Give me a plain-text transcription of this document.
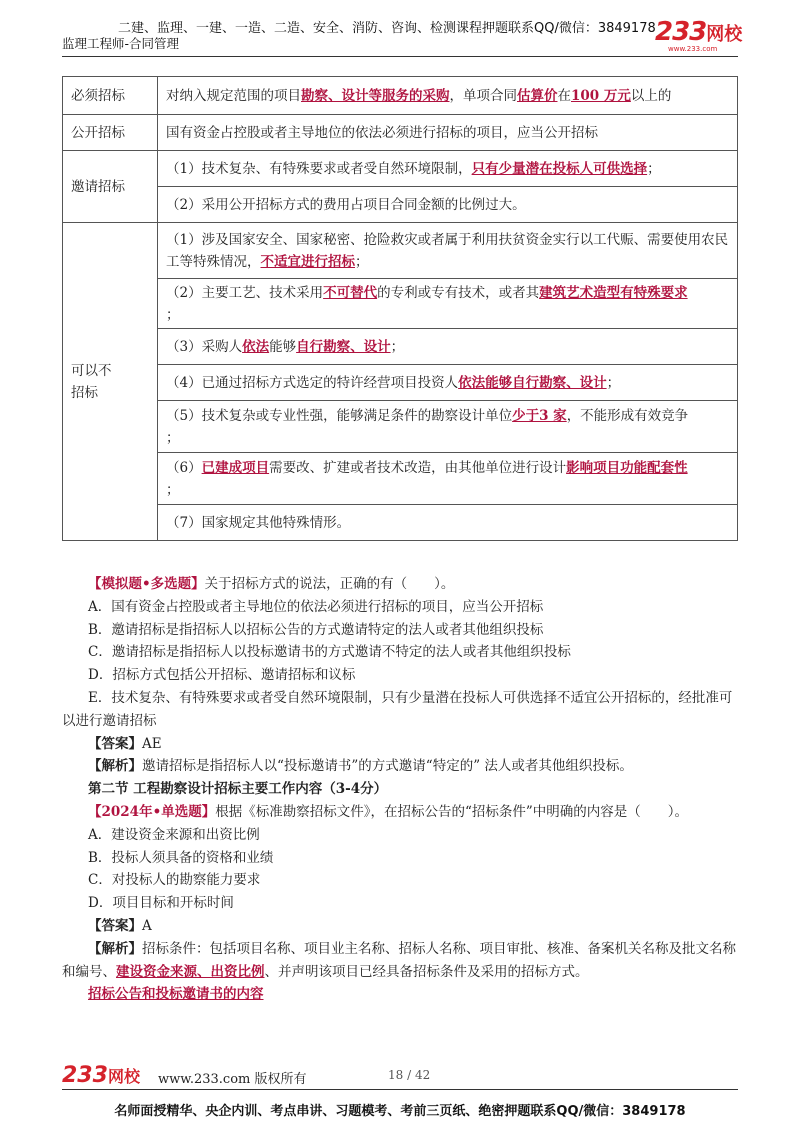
二建、监理、一建、一造、二造、安全、消防、咨询、检测课程押题联系QQ/微信：3849178
监理工程师-合同管理	233网校
www.233.com
必须招标	对纳入规定范围的项目勘察、设计等服务的采购，单项合同估算价在100 万元以上的
公开招标	国有资金占控股或者主导地位的依法必须进行招标的项目，应当公开招标
邀请招标	（1）技术复杂、有特殊要求或者受自然环境限制，只有少量潜在投标人可供选择；
	（2）采用公开招标方式的费用占项目合同金额的比例过大。

可以不
招标	（1）涉及国家安全、国家秘密、抢险救灾或者属于利用扶贫资金实行以工代赈、需要使用农民工等特殊情况，不适宜进行招标；
	（2）主要工艺、技术采用不可替代的专利或专有技术，或者其建筑艺术造型有特殊要求
；
	（3）采购人依法能够自行勘察、设计；
	（4）已通过招标方式选定的特许经营项目投资人依法能够自行勘察、设计；
	（5）技术复杂或专业性强，能够满足条件的勘察设计单位少于3 家，不能形成有效竞争
；
	（6）已建成项目需要改、扩建或者技术改造，由其他单位进行设计影响项目功能配套性
；
	（7）国家规定其他特殊情形。

【模拟题•多选题】关于招标方式的说法，正确的有（　　）。

A．国有资金占控股或者主导地位的依法必须进行招标的项目，应当公开招标

B．邀请招标是指招标人以招标公告的方式邀请特定的法人或者其他组织投标

C．邀请招标是指招标人以投标邀请书的方式邀请不特定的法人或者其他组织投标

D．招标方式包括公开招标、邀请招标和议标

E．技术复杂、有特殊要求或者受自然环境限制，只有少量潜在投标人可供选择不适宜公开招标的，经批准可以进行邀请招标

【答案】AE

【解析】邀请招标是指招标人以“投标邀请书”的方式邀请“特定的” 法人或者其他组织投标。

第二节 工程勘察设计招标主要工作内容（3-4分）

【2024年•单选题】根据《标准勘察招标文件》，在招标公告的“招标条件”中明确的内容是（　　）。

A．建设资金来源和出资比例

B．投标人须具备的资格和业绩

C．对投标人的勘察能力要求

D．项目目标和开标时间

【答案】A

【解析】招标条件：包括项目名称、项目业主名称、招标人名称、项目审批、核准、备案机关名称及批文名称和编号、建设资金来源、出资比例、并声明该项目已经具备招标条件及采用的招标方式。

招标公告和投标邀请书的内容

233网校 www.233.com 版权所有	18 / 42
名师面授精华、央企内训、考点串讲、习题模考、考前三页纸、绝密押题联系QQ/微信：3849178
